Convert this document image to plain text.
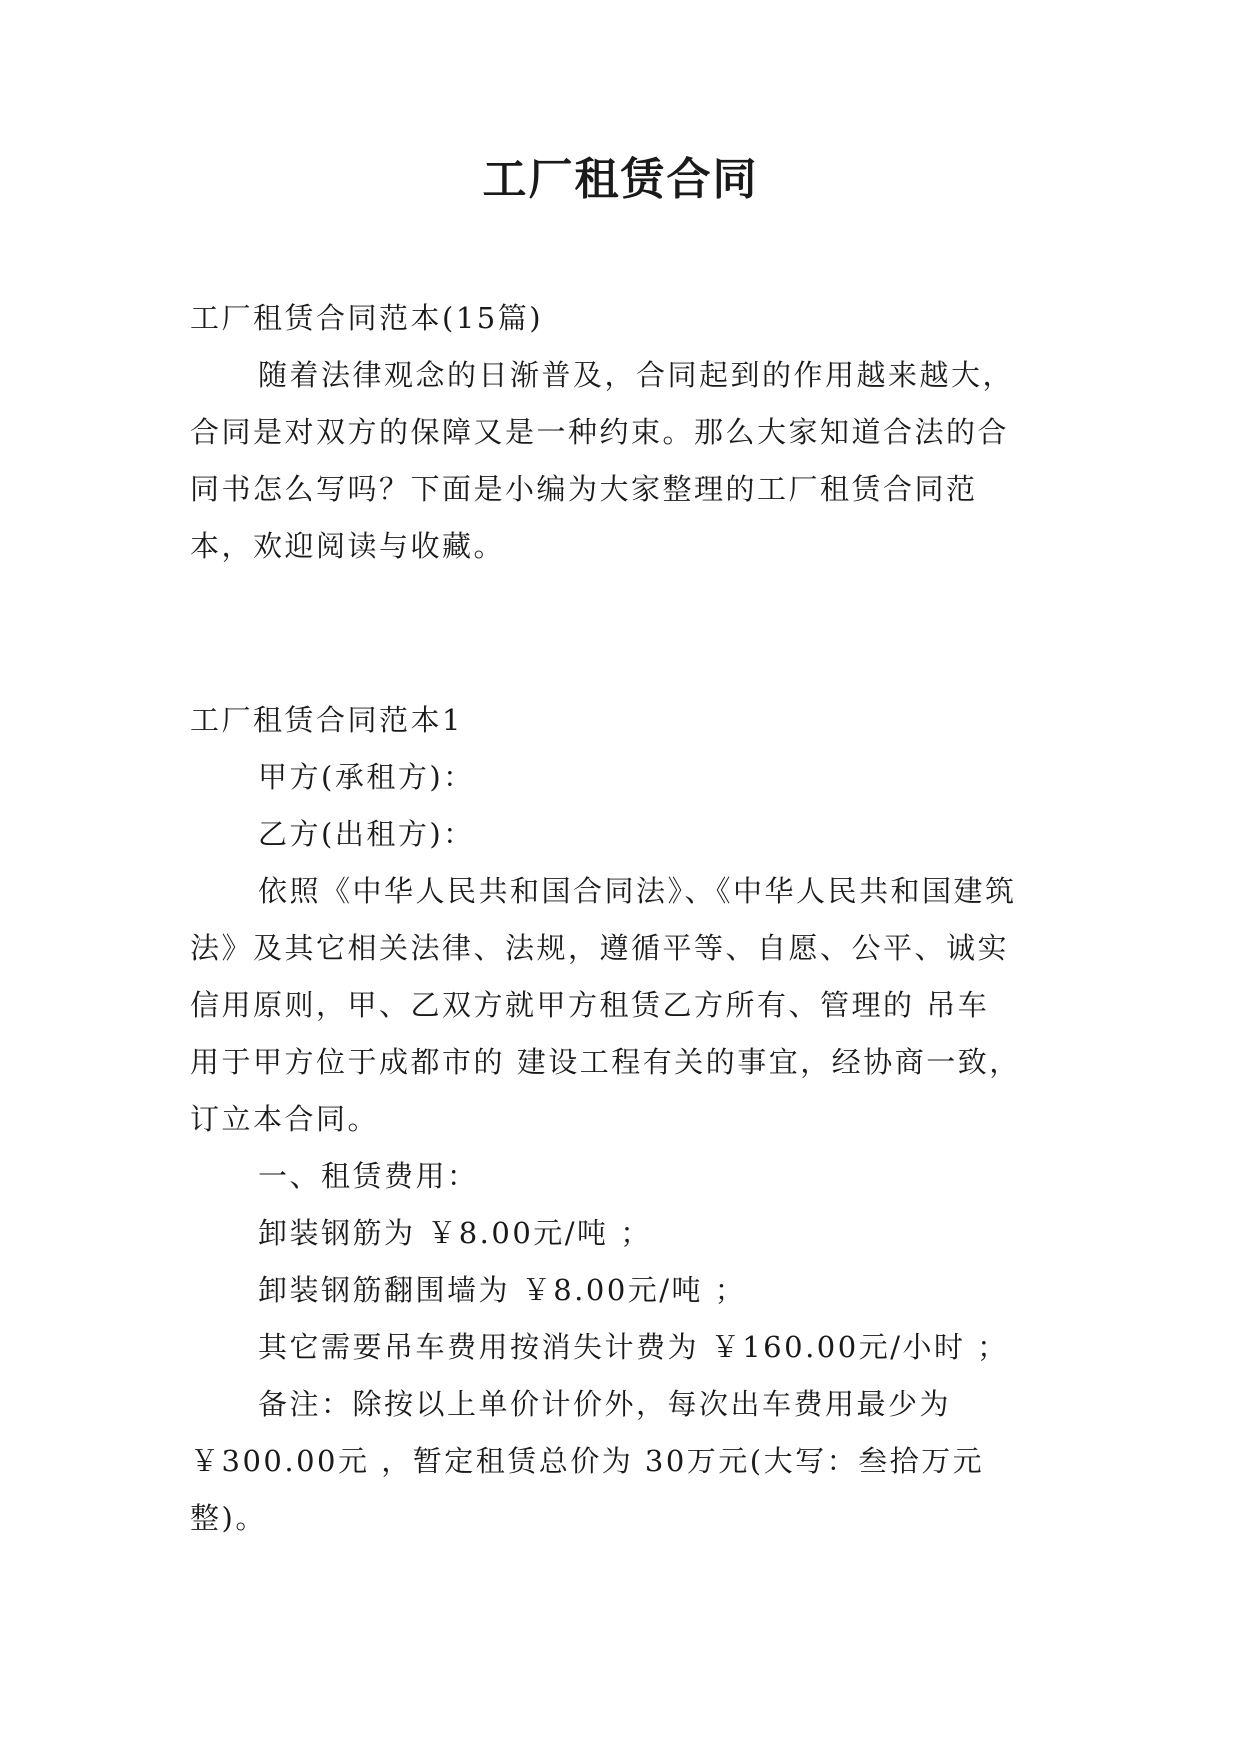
工厂租赁合同
工厂租赁合同范本(15篇)
随着法律观念的日渐普及，合同起到的作用越来越大，
合同是对双方的保障又是一种约束。那么大家知道合法的合
同书怎么写吗？下面是小编为大家整理的工厂租赁合同范
本，欢迎阅读与收藏。
工厂租赁合同范本1
甲方(承租方)：
乙方(出租方)：
依照《中华人民共和国合同法》、《中华人民共和国建筑
法》及其它相关法律、法规，遵循平等、自愿、公平、诚实
信用原则，甲、乙双方就甲方租赁乙方所有、管理的 吊车
用于甲方位于成都市的 建设工程有关的事宜，经协商一致，
订立本合同。
一、租赁费用：
卸装钢筋为 ￥8.00元/吨 ；
卸装钢筋翻围墙为 ￥8.00元/吨 ；
其它需要吊车费用按消失计费为 ￥160.00元/小时 ；
备注：除按以上单价计价外，每次出车费用最少为
￥300.00元 ，暂定租赁总价为 30万元(大写：叁拾万元
整)。
